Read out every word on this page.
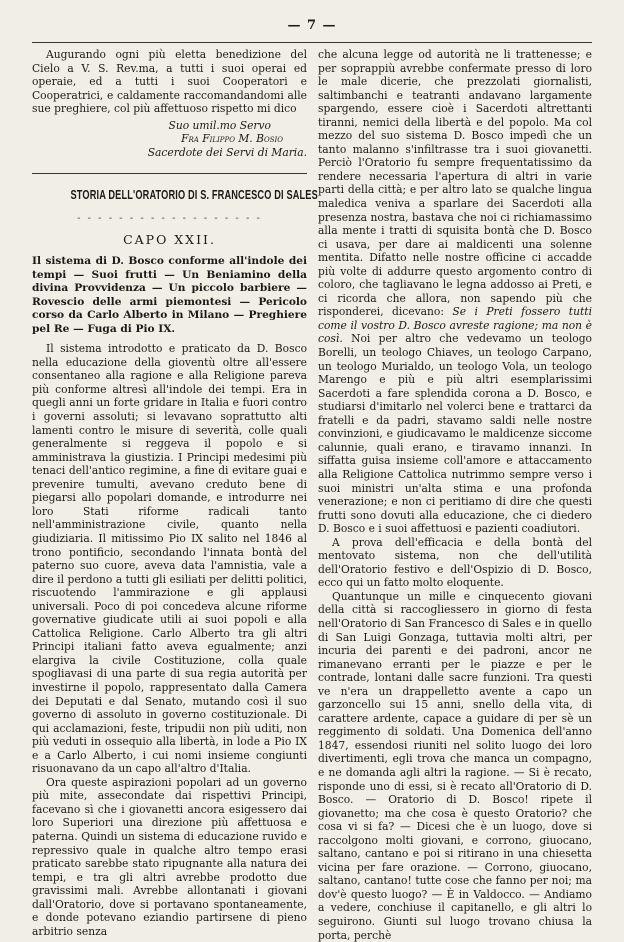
— 7 —

Augurando ogni più eletta benedizione del Cielo a V. S. Rev.ma, a tutti i suoi operai ed operaie, ed a tutti i suoi Cooperatori e Cooperatrici, e caldamente raccomandandomi alle sue preghiere, col più affettuoso rispetto mi dico

Suo umil.mo Servo
Fra Filippo M. Bosio
Sacerdote dei Servi di Maria.
STORIA DELL'ORATORIO DI S. FRANCESCO DI SALES
- - - - - - - - - - - - - - - - - -
CAPO XXII.
Il sistema di D. Bosco conforme all'indole dei tempi — Suoi frutti — Un Beniamino della divina Provvidenza — Un piccolo barbiere — Rovescio delle armi piemontesi — Pericolo corso da Carlo Alberto in Milano — Preghiere pel Re — Fuga di Pio IX.

Il sistema introdotto e praticato da D. Bosco nella educazione della gioventù oltre all'essere consentaneo alla ragione e alla Religione pareva più conforme altresì all'indole dei tempi. Era in quegli anni un forte gridare in Italia e fuori contro i governi assoluti; si levavano soprattutto alti lamenti contro le misure di severità, colle quali generalmente si reggeva il popolo e si amministrava la giustizia. I Principi medesimi più tenaci dell'antico regimine, a fine di evitare guai e prevenire tumulti, avevano creduto bene di piegarsi allo popolari domande, e introdurre nei loro Stati riforme radicali tanto nell'amministrazione civile, quanto nella giudiziaria. Il mitissimo Pio IX salito nel 1846 al trono pontificio, secondando l'innata bontà del paterno suo cuore, aveva data l'amnistia, vale a dire il perdono a tutti gli esiliati per delitti politici, riscuotendo l'ammirazione e gli applausi universali. Poco di poi concedeva alcune riforme governative giudicate utili ai suoi popoli e alla Cattolica Religione. Carlo Alberto tra gli altri Principi italiani fatto aveva egualmente; anzi elargiva la civile Costituzione, colla quale spogliavasi di una parte di sua regia autorità per investirne il popolo, rappresentato dalla Camera dei Deputati e dal Senato, mutando così il suo governo di assoluto in governo costituzionale. Di qui acclamazioni, feste, tripudii non più uditi, non più veduti in ossequio alla libertà, in lode a Pio IX e a Carlo Alberto, i cui nomi insieme congiunti risuonavano da un capo all'altro d'Italia.

Ora queste aspirazioni popolari ad un governo più mite, assecondate dai rispettivi Principi, facevano sì che i giovanetti ancora esigessero dai loro Superiori una direzione più affettuosa e paterna. Quindi un sistema di educazione ruvido e repressivo quale in qualche altro tempo erasi praticato sarebbe stato ripugnante alla natura dei tempi, e tra gli altri avrebbe prodotto due gravissimi mali. Avrebbe allontanati i giovani dall'Oratorio, dove si portavano spontaneamente, e donde potevano eziandio partirsene di pieno arbitrio senza

che alcuna legge od autorità ne li trattenesse; e per soprappiù avrebbe confermate presso di loro le male dicerie, che prezzolati giornalisti, saltimbanchi e teatranti andavano largamente spargendo, essere cioè i Sacerdoti altrettanti tiranni, nemici della libertà e del popolo. Ma col mezzo del suo sistema D. Bosco impedì che un tanto malanno s'infiltrasse tra i suoi giovanetti. Perciò l'Oratorio fu sempre frequentatissimo da rendere necessaria l'apertura di altri in varie parti della città; e per altro lato se qualche lingua maledica veniva a sparlare dei Sacerdoti alla presenza nostra, bastava che noi ci richiamassimo alla mente i tratti di squisita bontà che D. Bosco ci usava, per dare ai maldicenti una solenne mentita. Difatto nelle nostre officine ci accadde più volte di addurre questo argomento contro di coloro, che tagliavano le legna addosso ai Preti, e ci ricorda che allora, non sapendo più che risponderei, dicevano: Se i Preti fossero tutti come il vostro D. Bosco avreste ragione; ma non è così. Noi per altro che vedevamo un teologo Borelli, un teologo Chiaves, un teologo Carpano, un teologo Murialdo, un teologo Vola, un teologo Marengo e più e più altri esemplarissimi Sacerdoti a fare splendida corona a D. Bosco, e studiarsi d'imitarlo nel volerci bene e trattarci da fratelli e da padri, stavamo saldi nelle nostre convinzioni, e giudicavamo le maldicenze siccome calunnie, quali erano, e tiravamo innanzi. In siffatta guisa insieme coll'amore e attaccamento alla Religione Cattolica nutrimmo sempre verso i suoi ministri un'alta stima e una profonda venerazione; e non ci peritiamo di dire che questi frutti sono dovuti alla educazione, che ci diedero D. Bosco e i suoi affettuosi e pazienti coadiutori.

A prova dell'efficacia e della bontà del mentovato sistema, non che dell'utilità dell'Oratorio festivo e dell'Ospizio di D. Bosco, ecco qui un fatto molto eloquente.

Quantunque un mille e cinquecento giovani della città si raccogliessero in giorno di festa nell'Oratorio di San Francesco di Sales e in quello di San Luigi Gonzaga, tuttavia molti altri, per incuria dei parenti e dei padroni, ancor ne rimanevano erranti per le piazze e per le contrade, lontani dalle sacre funzioni. Tra questi ve n'era un drappelletto avente a capo un garzoncello sui 15 anni, snello della vita, di carattere ardente, capace a guidare di per sè un reggimento di soldati. Una Domenica dell'anno 1847, essendosi riuniti nel solito luogo dei loro divertimenti, egli trova che manca un compagno, e ne domanda agli altri la ragione. — Si è recato, risponde uno di essi, si è recato all'Oratorio di D. Bosco. — Oratorio di D. Bosco! ripete il giovanetto; ma che cosa è questo Oratorio? che cosa vi si fa? — Dicesi che è un luogo, dove si raccolgono molti giovani, e corrono, giuocano, saltano, cantano e poi si ritirano in una chiesetta vicina per fare orazione. — Corrono, giuocano, saltano, cantano! tutte cose che fanno per noi; ma dov'è questo luogo? — È in Valdocco. — Andiamo a vedere, conchiuse il capitanello, e gli altri lo seguirono. Giunti sul luogo trovano chiusa la porta, perchè
